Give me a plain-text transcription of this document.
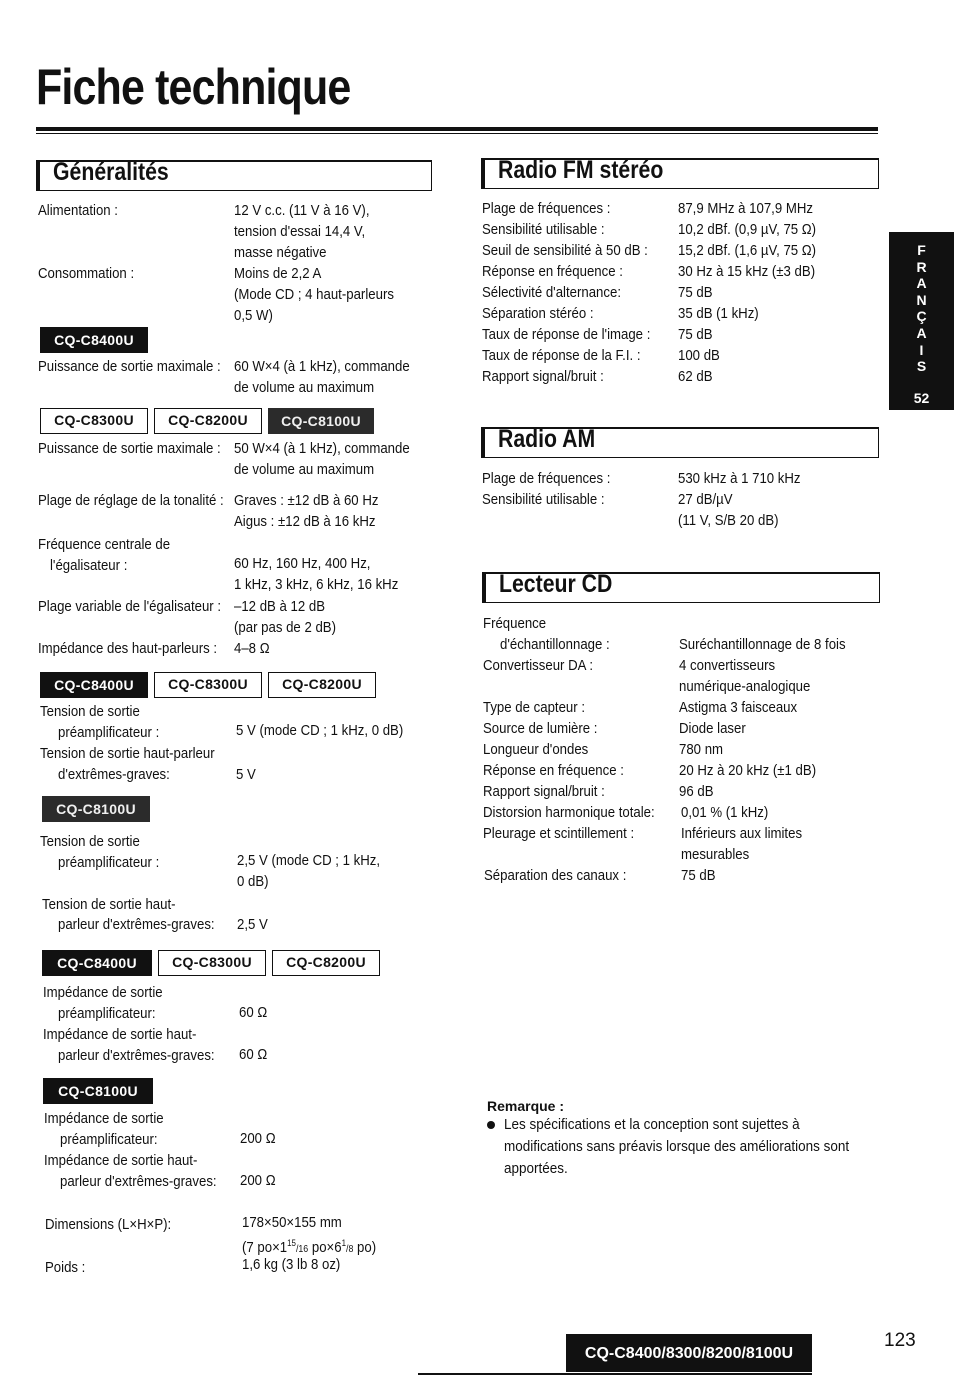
Fiche technique
F
R
A
N
Ç
A
I
S
52
Généralités
Alimentation :	12 V c.c. (11 V à 16 V),
tension d'essai 14,4 V,
masse négative
Consommation :	Moins de 2,2 A
(Mode CD ; 4 haut-parleurs
0,5 W)
CQ-C8400U
Puissance de sortie maximale : 60 W×4 (à 1 kHz), commande
de volume au maximum
CQ-C8300U	CQ-C8200U	CQ-C8100U
Puissance de sortie maximale : 50 W×4 (à 1 kHz), commande
de volume au maximum
Plage de réglage de la tonalité : Graves : ±12 dB à 60 Hz
Aigus : ±12 dB à 16 kHz
Fréquence centrale de
l'égalisateur :	60 Hz, 160 Hz, 400 Hz,
1 kHz, 3 kHz, 6 kHz, 16 kHz
Plage variable de l'égalisateur : –12 dB à 12 dB
(par pas de 2 dB)
Impédance des haut-parleurs : 4–8 Ω
CQ-C8400U	CQ-C8300U	CQ-C8200U
Tension de sortie
préamplificateur :	5 V (mode CD ; 1 kHz, 0 dB)
Tension de sortie haut-parleur
d'extrêmes-graves:	5 V
CQ-C8100U
Tension de sortie
préamplificateur :	2,5 V (mode CD ; 1 kHz,
0 dB)
Tension de sortie haut-
parleur d'extrêmes-graves: 2,5 V
CQ-C8400U	CQ-C8300U	CQ-C8200U
Impédance de sortie
préamplificateur:	60 Ω
Impédance de sortie haut-
parleur d'extrêmes-graves: 60 Ω
CQ-C8100U
Impédance de sortie
préamplificateur:	200 Ω
Impédance de sortie haut-
parleur d'extrêmes-graves: 200 Ω
Dimensions (L×H×P):	178×50×155 mm
(7 $po\times 1^{15}/16$ $po\times 6^1/8$ po)
Poids :	1,6 kg (3 lb 8 oz)
Radio FM stéréo
Plage de fréquences :	87,9 MHz à 107,9 MHz
Sensibilité utilisable :	10,2 dBf. (0,9 µV, 75 Ω)
Seuil de sensibilité à 50 dB : 15,2 dBf. (1,6 µV, 75 Ω)
Réponse en fréquence :	30 Hz à 15 kHz (±3 dB)
Sélectivité d'alternance:	75 dB
Séparation stéréo :	35 dB (1 kHz)
Taux de réponse de l'image : 75 dB
Taux de réponse de la F.I. : 100 dB
Rapport signal/bruit :	62 dB
Radio AM
Plage de fréquences :	530 kHz à 1 710 kHz
Sensibilité utilisable :	27 dB/µV
(11 V, S/B 20 dB)
Lecteur CD
Fréquence
d'échantillonnage :	Suréchantillonnage de 8 fois
Convertisseur DA :	4 convertisseurs
numérique-analogique
Type de capteur :	Astigma 3 faisceaux
Source de lumière :	Diode laser
Longueur d'ondes	780 nm
Réponse en fréquence :	20 Hz à 20 kHz (±1 dB)
Rapport signal/bruit :	96 dB
Distorsion harmonique totale: 0,01 % (1 kHz)
Pleurage et scintillement :	Inférieurs aux limites
mesurables
Séparation des canaux :	75 dB
Remarque :
Les spécifications et la conception sont sujettes à modifications sans préavis lorsque des améliorations sont apportées.
CQ-C8400/8300/8200/8100U
123
